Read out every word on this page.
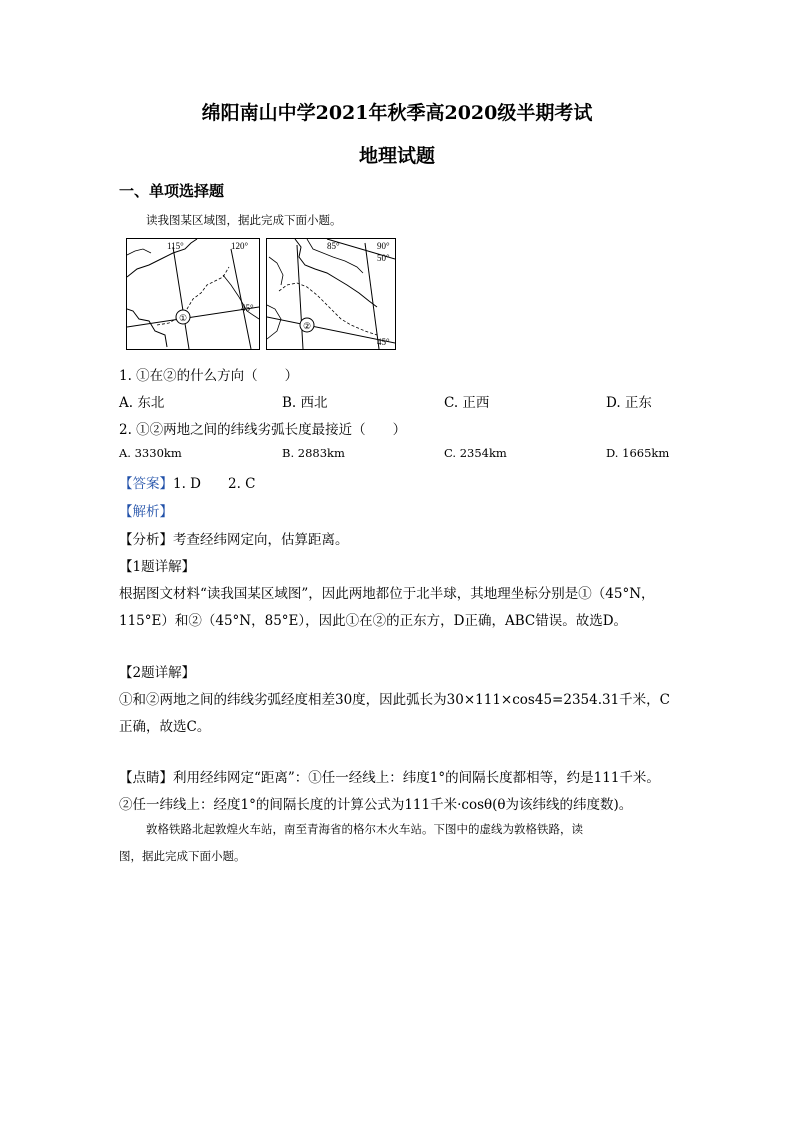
绵阳南山中学2021年秋季高2020级半期考试
地理试题
一、单项选择题
读我图某区域图，据此完成下面小题。
①
115°	120°
45°
②
85°	90°
50°
45°
1. ①在②的什么方向（　　）
A. 东北	B. 西北	C. 正西	D. 正东
2. ①②两地之间的纬线劣弧长度最接近（　　）
A. 3330km	B. 2883km	C. 2354km	D. 1665km
【答案】1. D　　2. C
【解析】
【分析】考查经纬网定向，估算距离。
【1题详解】
根据图文材料“读我国某区域图”，因此两地都位于北半球，其地理坐标分别是①（45°N，
115°E）和②（45°N，85°E），因此①在②的正东方，D正确，ABC错误。故选D。
【2题详解】
①和②两地之间的纬线劣弧经度相差30度，因此弧长为30×111×cos45=2354.31千米，C
正确，故选C。
【点睛】利用经纬网定“距离”：①任一经线上：纬度1°的间隔长度都相等，约是111千米。
②任一纬线上：经度1°的间隔长度的计算公式为111千米·cosθ(θ为该纬线的纬度数)。
敦格铁路北起敦煌火车站，南至青海省的格尔木火车站。下图中的虚线为敦格铁路，读
图，据此完成下面小题。
